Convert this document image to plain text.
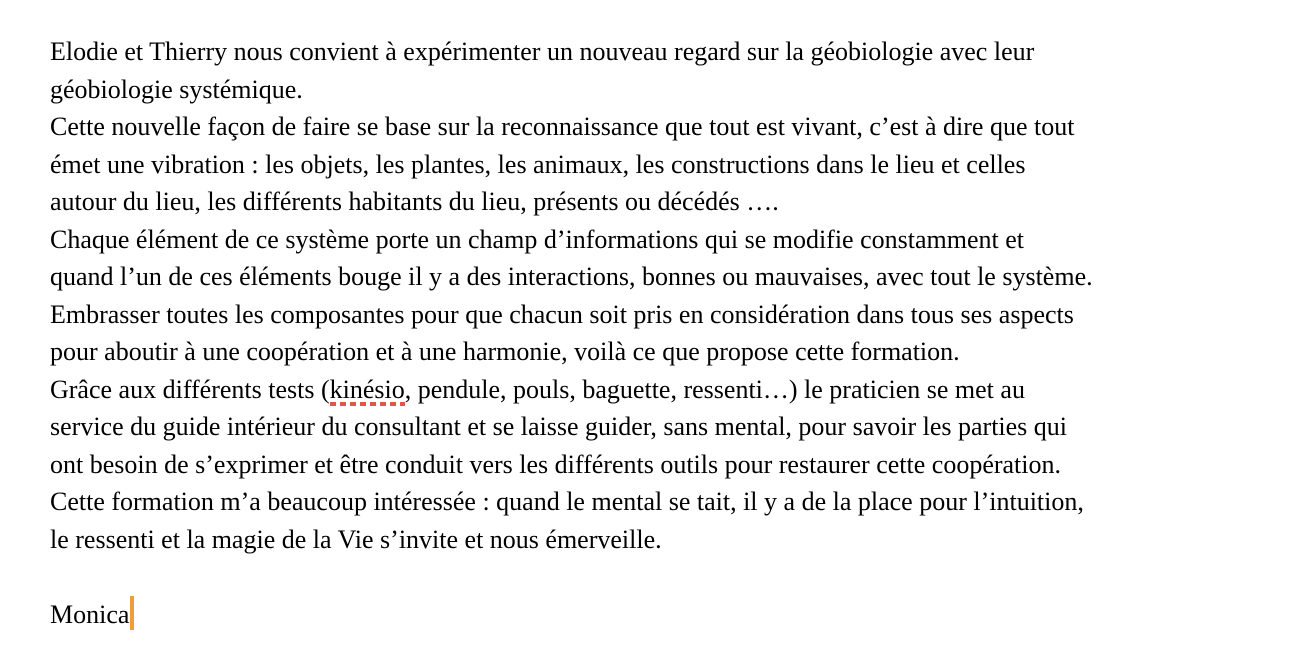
Elodie et Thierry nous convient à expérimenter un nouveau regard sur la géobiologie avec leur
géobiologie systémique.
Cette nouvelle façon de faire se base sur la reconnaissance que tout est vivant, c’est à dire que tout
émet une vibration : les objets, les plantes, les animaux, les constructions dans le lieu et celles
autour du lieu, les différents habitants du lieu, présents ou décédés ….
Chaque élément de ce système porte un champ d’informations qui se modifie constamment et
quand l’un de ces éléments bouge il y a des interactions, bonnes ou mauvaises, avec tout le système.
Embrasser toutes les composantes pour que chacun soit pris en considération dans tous ses aspects
pour aboutir à une coopération et à une harmonie, voilà ce que propose cette formation.
Grâce aux différents tests (kinésio, pendule, pouls, baguette, ressenti…) le praticien se met au
service du guide intérieur du consultant et se laisse guider, sans mental, pour savoir les parties qui
ont besoin de s’exprimer et être conduit vers les différents outils pour restaurer cette coopération.
Cette formation m’a beaucoup intéressée : quand le mental se tait, il y a de la place pour l’intuition,
le ressenti et la magie de la Vie s’invite et nous émerveille.
Monica
